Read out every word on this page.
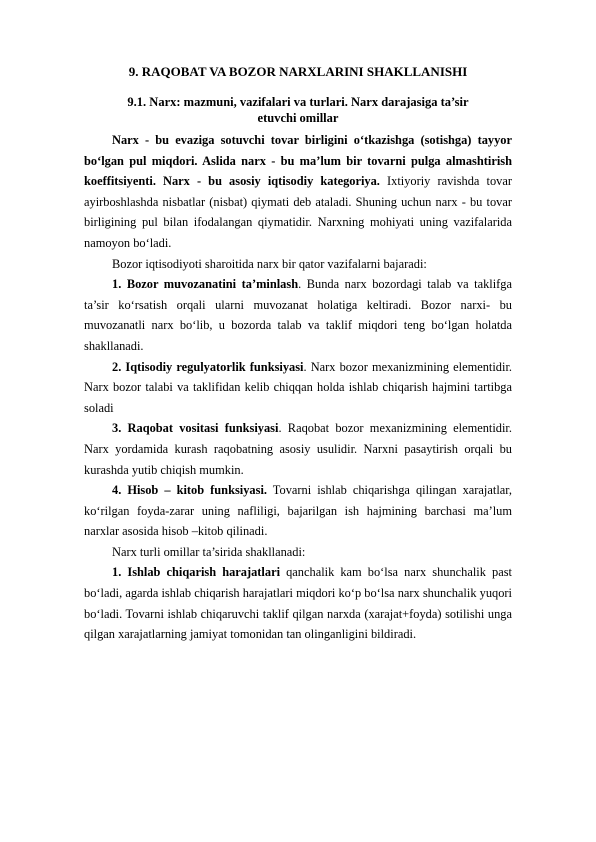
9. RAQOBAT VA BOZOR NARXLARINI SHAKLLANISHI
9.1. Narx: mazmuni, vazifalari va turlari. Narx darajasiga ta’sir
etuvchi omillar

Narx - bu evaziga sotuvchi tovar birligini o‘tkazishga (sotishga) tayyor bo‘lgan pul miqdori. Aslida narx - bu ma’lum bir tovarni pulga almashtirish koeffitsiyenti. Narx - bu asosiy iqtisodiy kategoriya. Ixtiyoriy ravishda tovar ayirboshlashda nisbatlar (nisbat) qiymati deb ataladi. Shuning uchun narx - bu tovar birligining pul bilan ifodalangan qiymatidir. Narxning mohiyati uning vazifalarida namoyon bo‘ladi.

Bozor iqtisodiyoti sharoitida narx bir qator vazifalarni bajaradi:

1. Bozor muvozanatini ta’minlash. Bunda narx bozordagi talab va taklifga ta’sir ko‘rsatish orqali ularni muvozanat holatiga keltiradi. Bozor narxi- bu muvozanatli narx bo‘lib, u bozorda talab va taklif miqdori teng bo‘lgan holatda shakllanadi.

2. Iqtisodiy regulyatorlik funksiyasi. Narx bozor mexanizmining elementidir. Narx bozor talabi va taklifidan kelib chiqqan holda ishlab chiqarish hajmini tartibga soladi

3. Raqobat vositasi funksiyasi. Raqobat bozor mexanizmining elementidir. Narx yordamida kurash raqobatning asosiy usulidir. Narxni pasaytirish orqali bu kurashda yutib chiqish mumkin.

4. Hisob – kitob funksiyasi. Tovarni ishlab chiqarishga qilingan xarajatlar, ko‘rilgan foyda-zarar uning nafliligi, bajarilgan ish hajmining barchasi ma’lum narxlar asosida hisob –kitob qilinadi.

Narx turli omillar ta’sirida shakllanadi:

1. Ishlab chiqarish harajatlari qanchalik kam bo‘lsa narx shunchalik past bo‘ladi, agarda ishlab chiqarish harajatlari miqdori ko‘p bo‘lsa narx shunchalik yuqori bo‘ladi. Tovarni ishlab chiqaruvchi taklif qilgan narxda (xarajat+foyda) sotilishi unga qilgan xarajatlarning jamiyat tomonidan tan olinganligini bildiradi.
